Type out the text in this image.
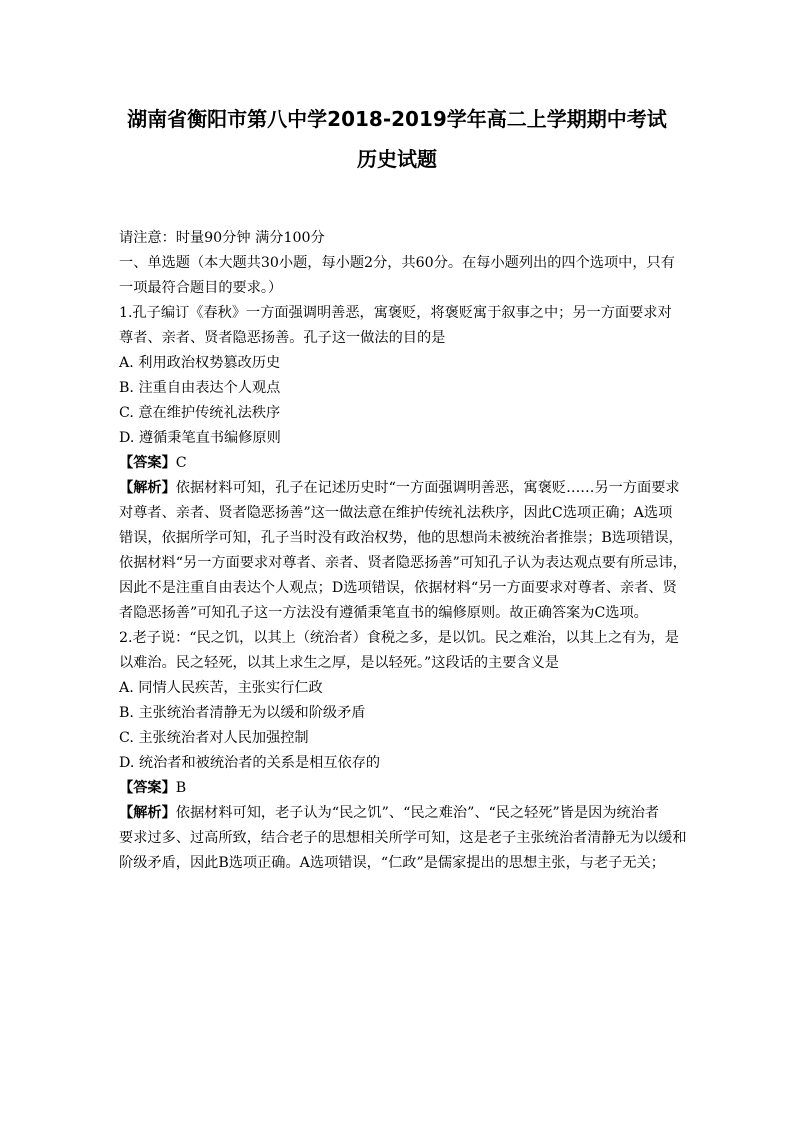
湖南省衡阳市第八中学2018-2019学年高二上学期期中考试
历史试题
请注意：时量90分钟 满分100分
一、单选题（本大题共30小题，每小题2分，共60分。在每小题列出的四个选项中，只有
一项最符合题目的要求。）
1.孔子编订《春秋》一方面强调明善恶，寓褒贬，将褒贬寓于叙事之中；另一方面要求对
尊者、亲者、贤者隐恶扬善。孔子这一做法的目的是
A. 利用政治权势篡改历史
B. 注重自由表达个人观点
C. 意在维护传统礼法秩序
D. 遵循秉笔直书编修原则
【答案】C
【解析】依据材料可知，孔子在记述历史时“一方面强调明善恶，寓褒贬……另一方面要求
对尊者、亲者、贤者隐恶扬善”这一做法意在维护传统礼法秩序，因此C选项正确；A选项
错误，依据所学可知，孔子当时没有政治权势，他的思想尚未被统治者推崇；B选项错误，
依据材料“另一方面要求对尊者、亲者、贤者隐恶扬善”可知孔子认为表达观点要有所忌讳，
因此不是注重自由表达个人观点；D选项错误，依据材料“另一方面要求对尊者、亲者、贤
者隐恶扬善”可知孔子这一方法没有遵循秉笔直书的编修原则。故正确答案为C选项。
2.老子说：“民之饥，以其上（统治者）食税之多，是以饥。民之难治，以其上之有为，是
以难治。民之轻死，以其上求生之厚，是以轻死。”这段话的主要含义是
A. 同情人民疾苦，主张实行仁政
B. 主张统治者清静无为以缓和阶级矛盾
C. 主张统治者对人民加强控制
D. 统治者和被统治者的关系是相互依存的
【答案】B
【解析】依据材料可知，老子认为“民之饥”、“民之难治”、“民之轻死”皆是因为统治者
要求过多、过高所致，结合老子的思想相关所学可知，这是老子主张统治者清静无为以缓和
阶级矛盾，因此B选项正确。A选项错误，“仁政”是儒家提出的思想主张，与老子无关；
